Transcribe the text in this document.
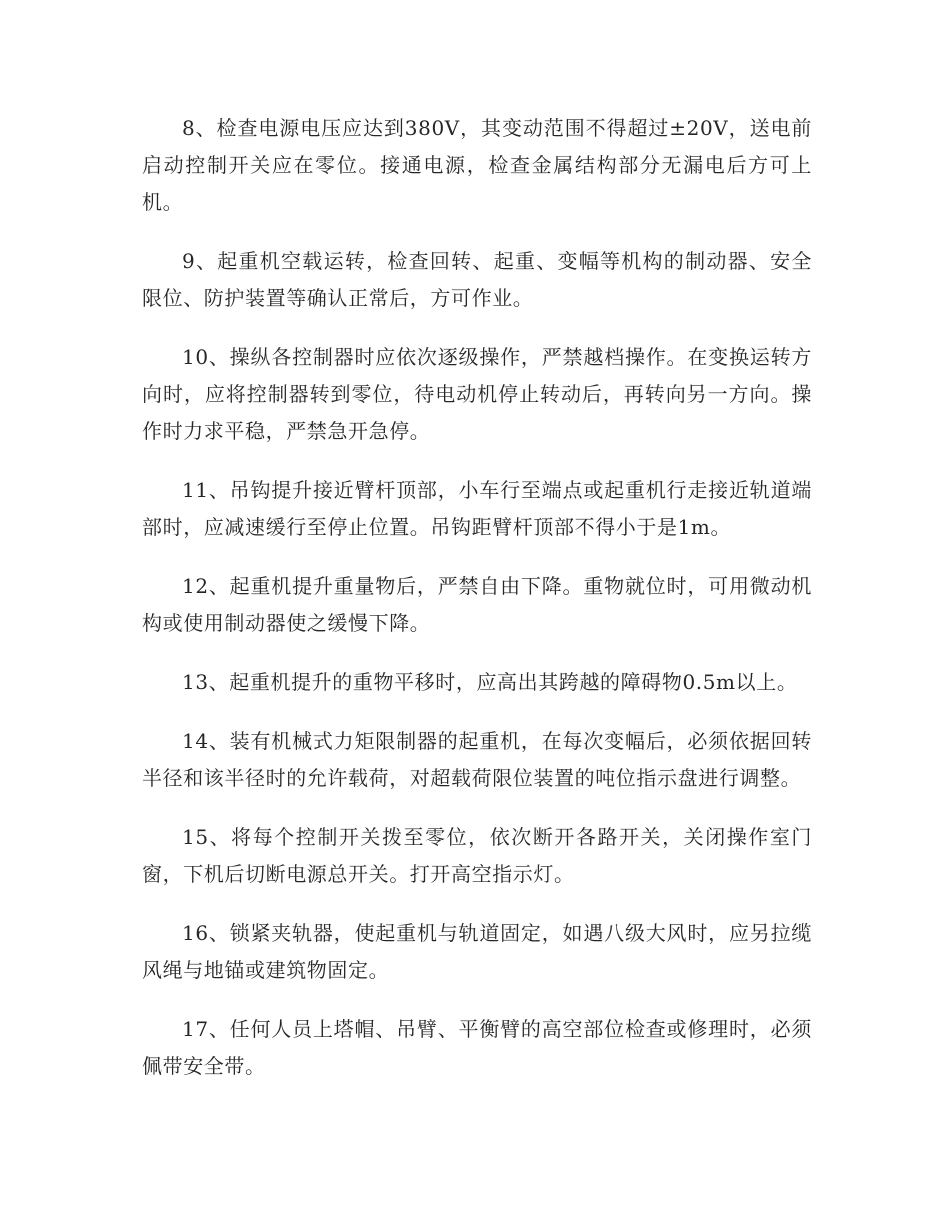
8、检查电源电压应达到380V，其变动范围不得超过±20V，送电前启动控制开关应在零位。接通电源，检查金属结构部分无漏电后方可上机。

9、起重机空载运转，检查回转、起重、变幅等机构的制动器、安全限位、防护装置等确认正常后，方可作业。

10、操纵各控制器时应依次逐级操作，严禁越档操作。在变换运转方向时，应将控制器转到零位，待电动机停止转动后，再转向另一方向。操作时力求平稳，严禁急开急停。

11、吊钩提升接近臂杆顶部，小车行至端点或起重机行走接近轨道端部时，应减速缓行至停止位置。吊钩距臂杆顶部不得小于是1m。

12、起重机提升重量物后，严禁自由下降。重物就位时，可用微动机构或使用制动器使之缓慢下降。

13、起重机提升的重物平移时，应高出其跨越的障碍物0.5m以上。

14、装有机械式力矩限制器的起重机，在每次变幅后，必须依据回转半径和该半径时的允许载荷，对超载荷限位装置的吨位指示盘进行调整。

15、将每个控制开关拨至零位，依次断开各路开关，关闭操作室门窗，下机后切断电源总开关。打开高空指示灯。

16、锁紧夹轨器，使起重机与轨道固定，如遇八级大风时，应另拉缆风绳与地锚或建筑物固定。

17、任何人员上塔帽、吊臂、平衡臂的高空部位检查或修理时，必须佩带安全带。
